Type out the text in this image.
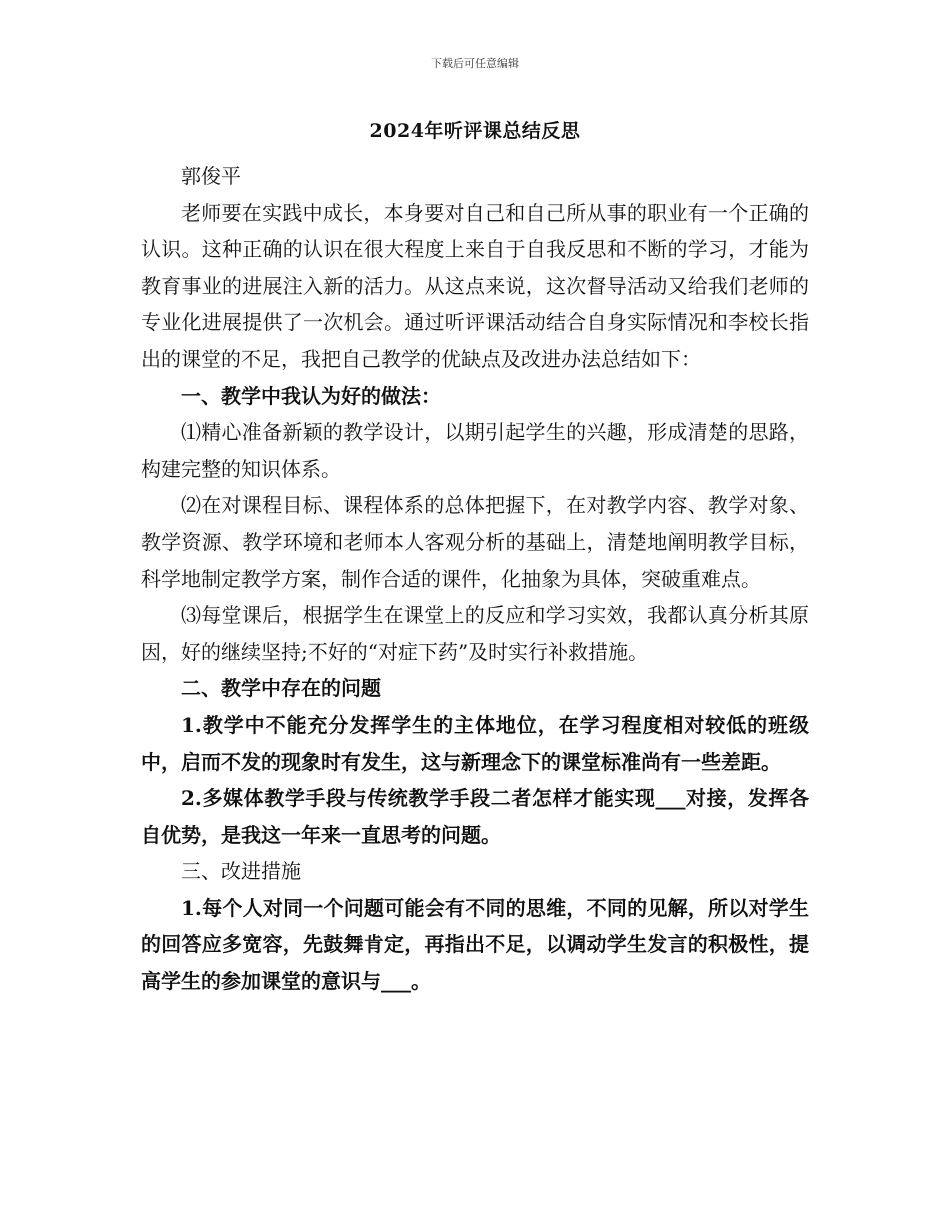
下载后可任意编辑
2024年听评课总结反思

郭俊平

老师要在实践中成长，本身要对自己和自己所从事的职业有一个正确的认识。这种正确的认识在很大程度上来自于自我反思和不断的学习，才能为教育事业的进展注入新的活力。从这点来说，这次督导活动又给我们老师的专业化进展提供了一次机会。通过听评课活动结合自身实际情况和李校长指出的课堂的不足，我把自己教学的优缺点及改进办法总结如下：

一、教学中我认为好的做法：

⑴精心准备新颖的教学设计，以期引起学生的兴趣，形成清楚的思路，构建完整的知识体系。

⑵在对课程目标、课程体系的总体把握下，在对教学内容、教学对象、教学资源、教学环境和老师本人客观分析的基础上，清楚地阐明教学目标，科学地制定教学方案，制作合适的课件，化抽象为具体，突破重难点。

⑶每堂课后，根据学生在课堂上的反应和学习实效，我都认真分析其原因，好的继续坚持;不好的“对症下药”及时实行补救措施。

二、教学中存在的问题

1.教学中不能充分发挥学生的主体地位，在学习程度相对较低的班级中，启而不发的现象时有发生，这与新理念下的课堂标准尚有一些差距。

2.多媒体教学手段与传统教学手段二者怎样才能实现___对接，发挥各自优势，是我这一年来一直思考的问题。

三、改进措施

1.每个人对同一个问题可能会有不同的思维，不同的见解，所以对学生的回答应多宽容，先鼓舞肯定，再指出不足，以调动学生发言的积极性，提高学生的参加课堂的意识与___。
